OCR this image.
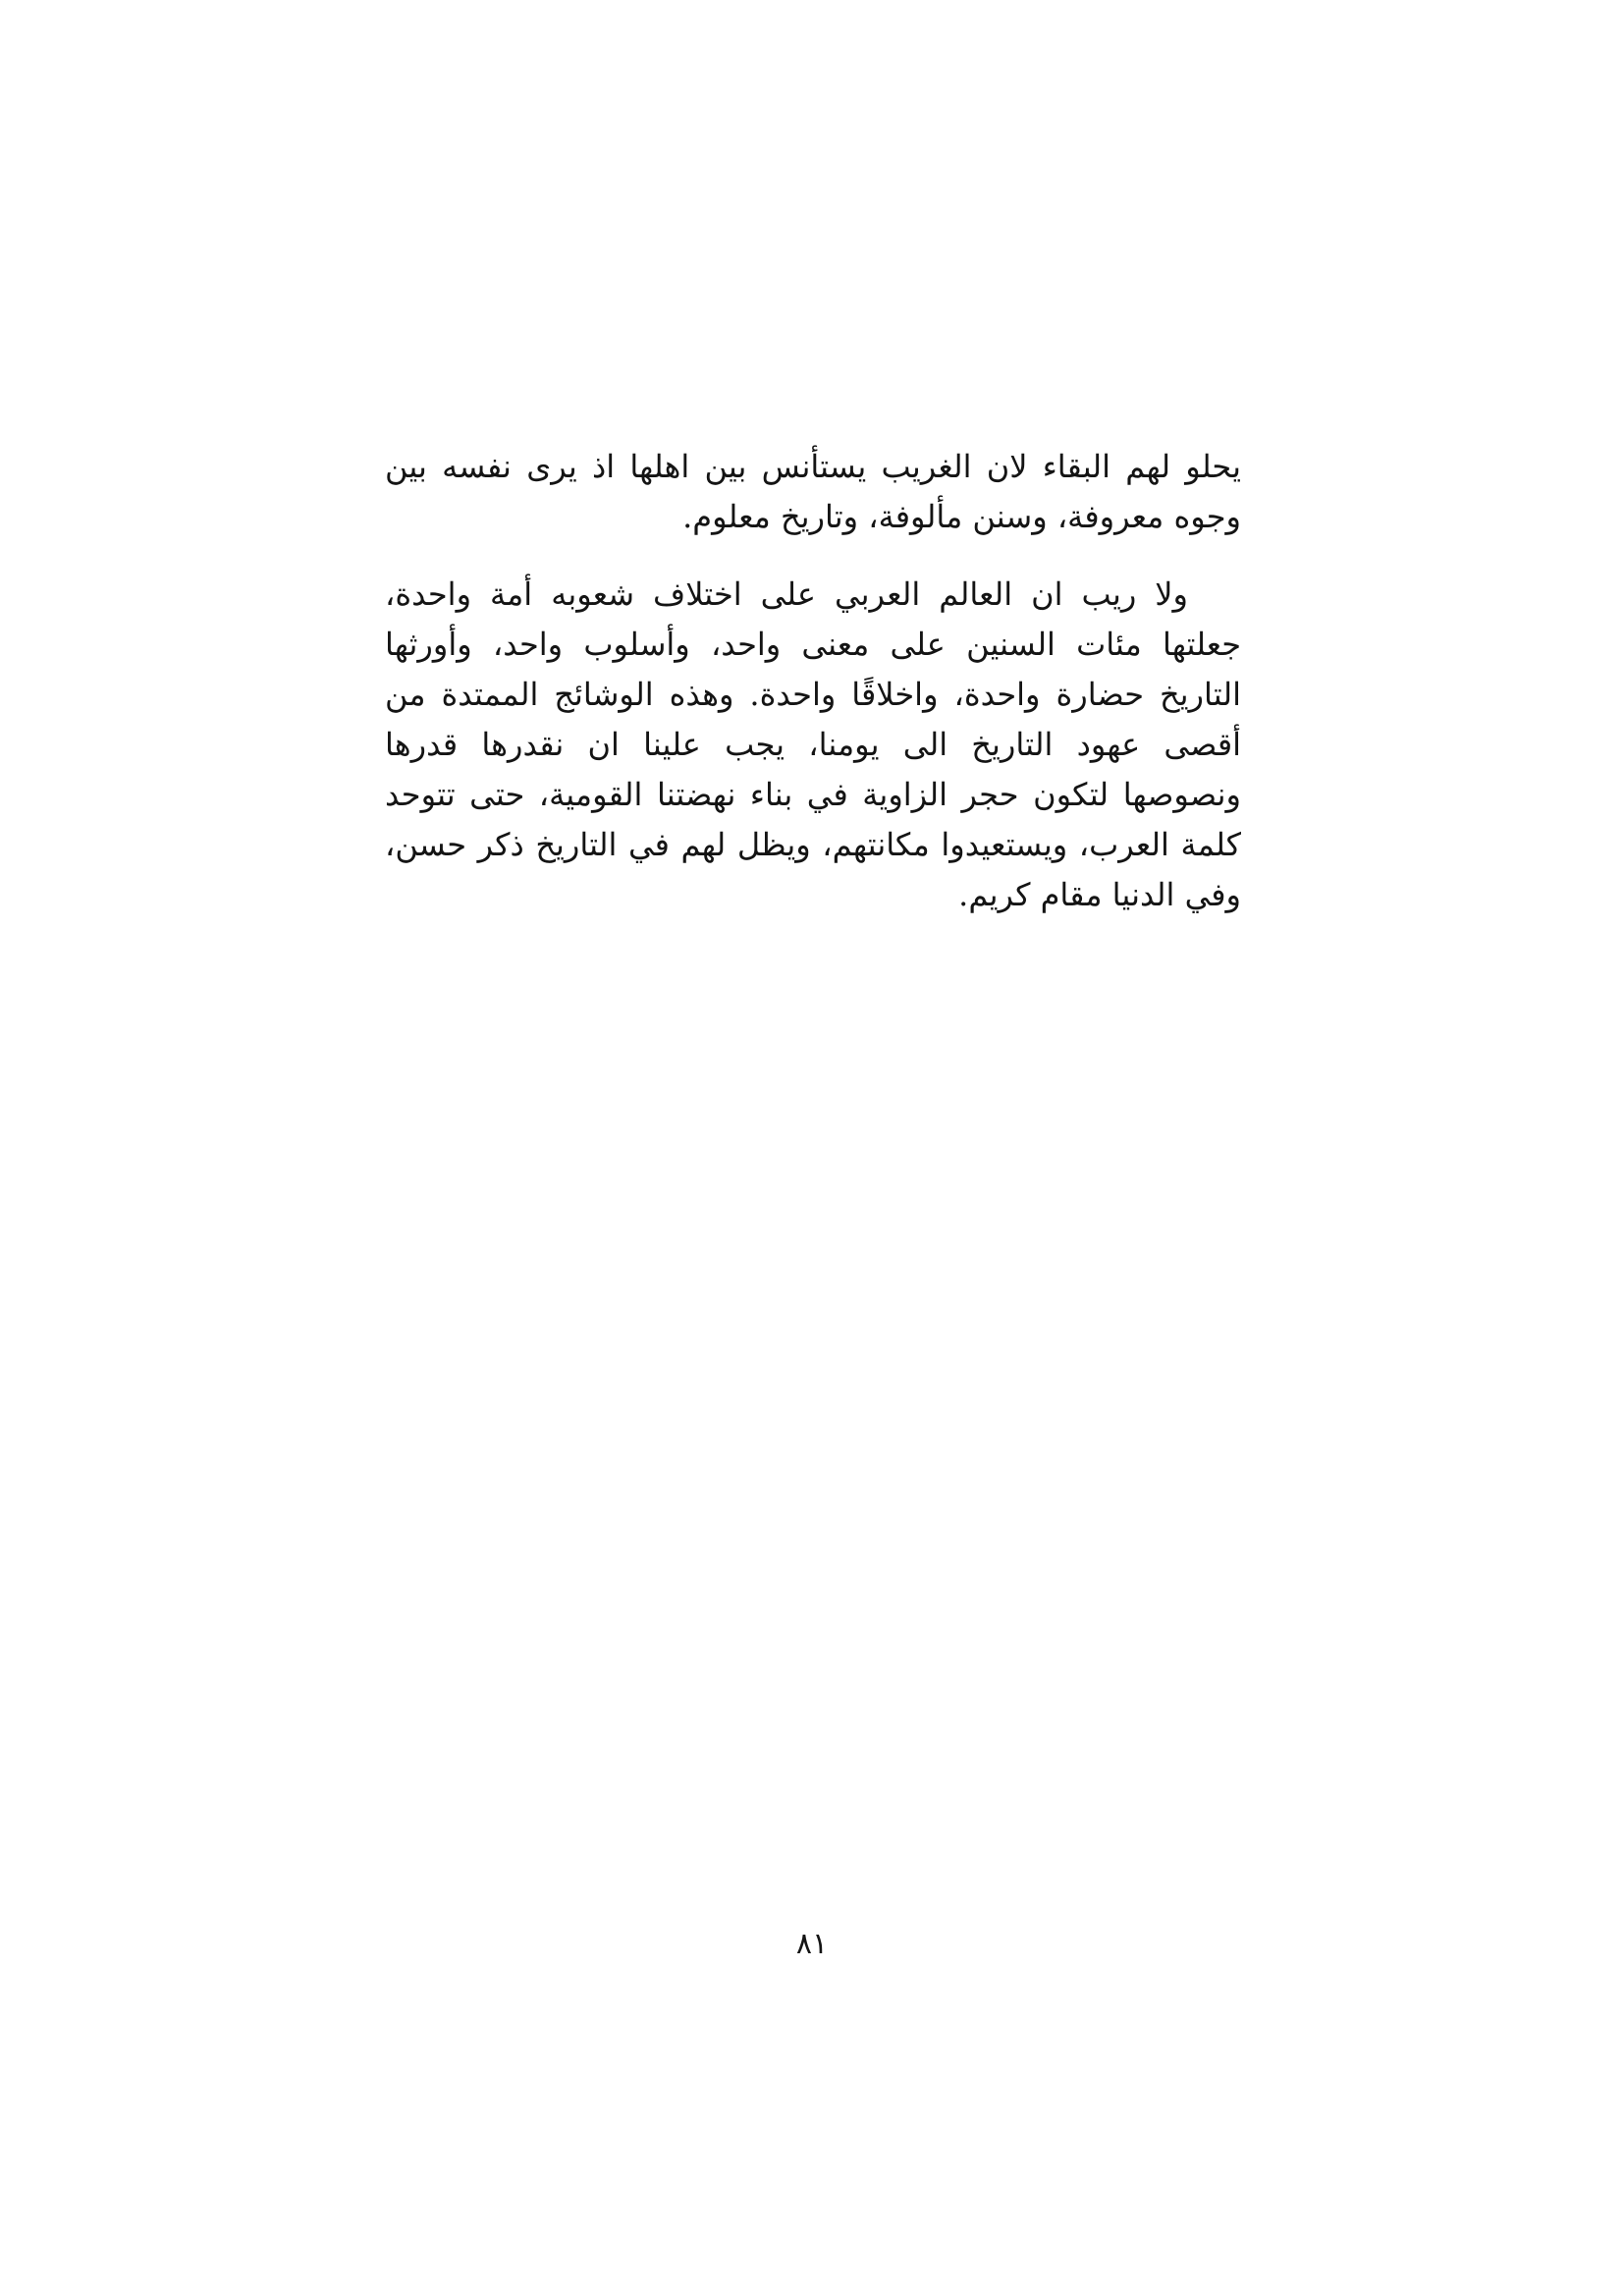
يحلو لهم البقاء لان الغريب يستأنس بين اهلها اذ يرى نفسه بين وجوه معروفة، وسنن مألوفة، وتاريخ معلوم.

ولا ريب ان العالم العربي على اختلاف شعوبه أمة واحدة، جعلتها مئات السنين على معنى واحد، وأسلوب واحد، وأورثها التاريخ حضارة واحدة، واخلاقًا واحدة. وهذه الوشائج الممتدة من أقصى عهود التاريخ الى يومنا، يجب علينا ان نقدرها قدرها ونصوصها لتكون حجر الزاوية في بناء نهضتنا القومية، حتى تتوحد كلمة العرب، ويستعيدوا مكانتهم، ويظل لهم في التاريخ ذكر حسن، وفي الدنيا مقام كريم.

٨١
